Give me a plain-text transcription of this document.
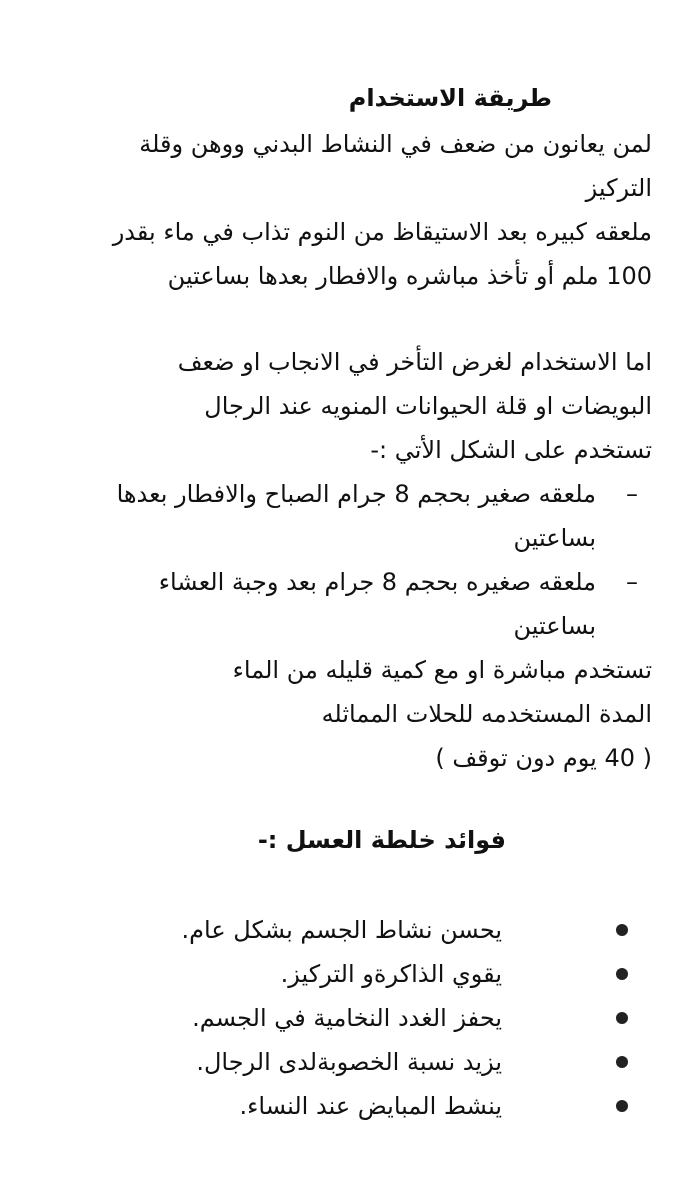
طريقة الاستخدام
لمن يعانون من ضعف في النشاط البدني ووهن وقلة
التركيز
ملعقه كبيره بعد الاستيقاظ من النوم تذاب في ماء بقدر
100 ملم أو تأخذ مباشره والافطار بعدها بساعتين
اما الاستخدام لغرض التأخر في الانجاب او ضعف
البويضات او قلة الحيوانات المنويه عند الرجال
تستخدم على الشكل الأتي :-
–
ملعقه صغير بحجم 8 جرام الصباح والافطار بعدها
بساعتين
–
ملعقه صغيره بحجم 8 جرام بعد وجبة العشاء
بساعتين
تستخدم مباشرة او مع كمية قليله من الماء
المدة المستخدمه للحلات المماثله
( 40 يوم دون توقف )
فوائد خلطة العسل :-
يحسن نشاط الجسم بشكل عام.
يقوي الذاكرةو التركيز.
يحفز الغدد النخامية في الجسم.
يزيد نسبة الخصوبةلدى الرجال.
ينشط المبايض عند النساء.
